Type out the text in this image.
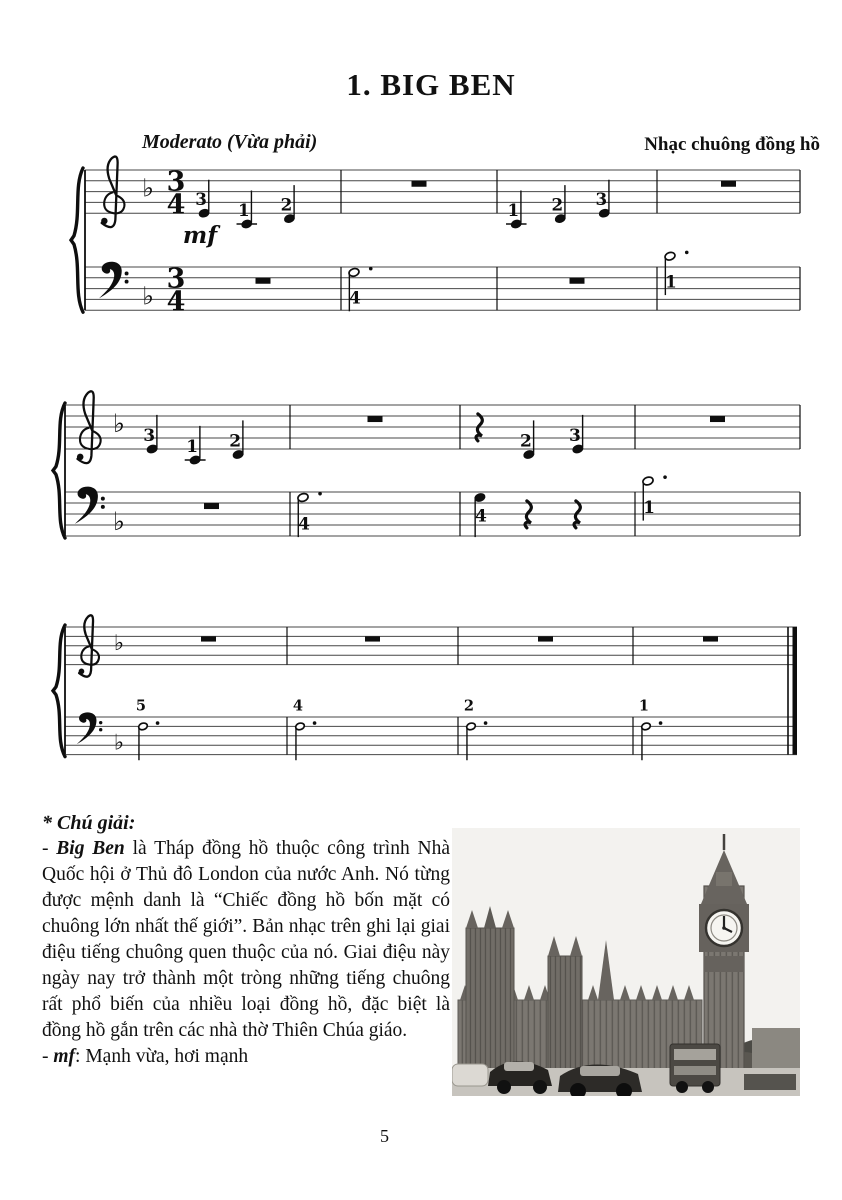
1. BIG BEN
Moderato (Vừa phải)	Nhạc chuông đồng hồ
♭
♭
3
4
3
4
3
1 2
4
1 2 3
1
mf
♭
♭
3
1 2
4
2 3
4	1
♭
♭
5	4	2	1

* Chú giải:

- Big Ben là Tháp đồng hồ thuộc công trình Nhà Quốc hội ở Thủ đô London của nước Anh. Nó từng được mệnh danh là “Chiếc đồng hồ bốn mặt có chuông lớn nhất thế giới”. Bản nhạc trên ghi lại giai điệu tiếng chuông quen thuộc của nó. Giai điệu này ngày nay trở thành một tròng những tiếng chuông rất phổ biến của nhiều loại đồng hồ, đặc biệt là đồng hồ gắn trên các nhà thờ Thiên Chúa giáo.

- mf: Mạnh vừa, hơi mạnh

5
